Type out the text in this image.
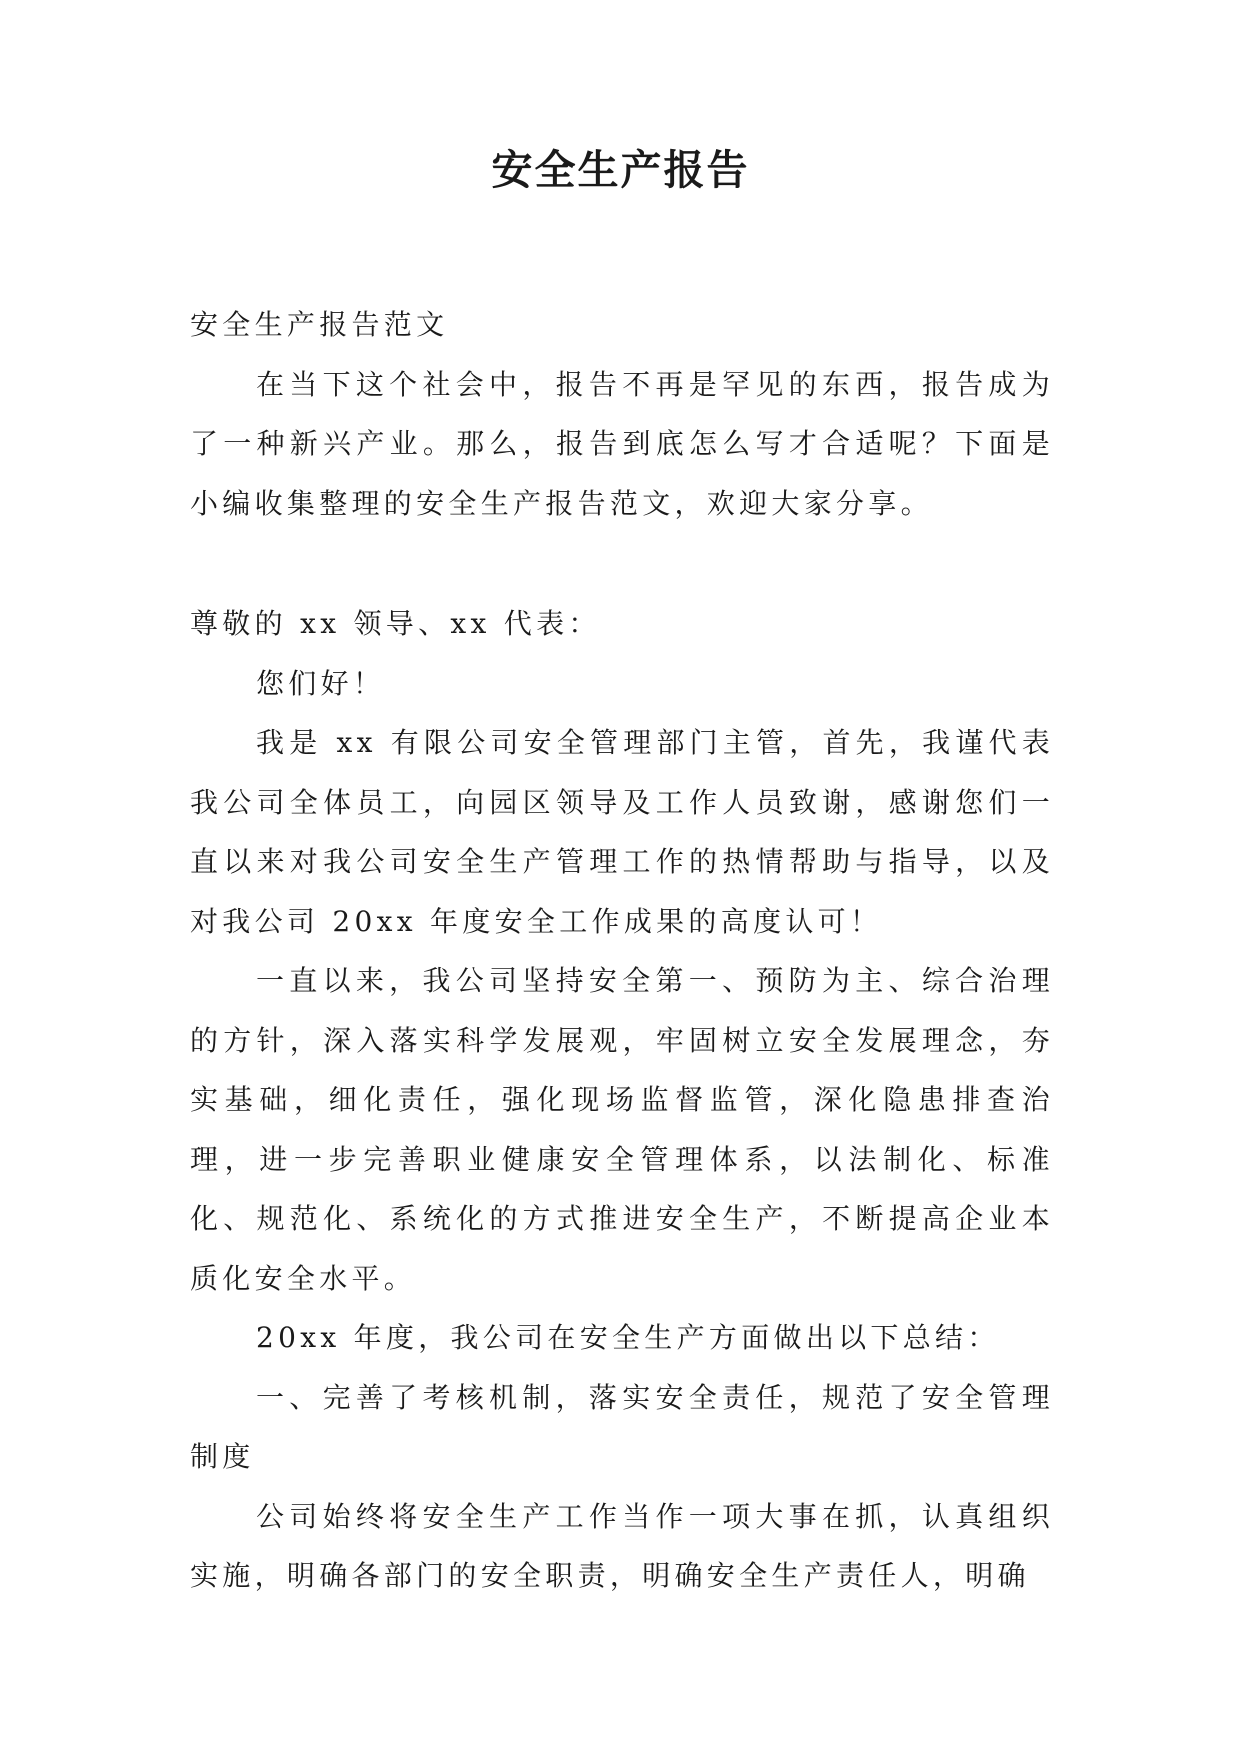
安全生产报告

安全生产报告范文

在当下这个社会中，报告不再是罕见的东西，报告成为了一种新兴产业。那么，报告到底怎么写才合适呢？下面是小编收集整理的安全生产报告范文，欢迎大家分享。

尊敬的 xx 领导、xx 代表：

您们好！

我是 xx 有限公司安全管理部门主管，首先，我谨代表我公司全体员工，向园区领导及工作人员致谢，感谢您们一直以来对我公司安全生产管理工作的热情帮助与指导，以及对我公司 20xx 年度安全工作成果的高度认可！

一直以来，我公司坚持安全第一、预防为主、综合治理的方针，深入落实科学发展观，牢固树立安全发展理念，夯实基础，细化责任，强化现场监督监管，深化隐患排查治理，进一步完善职业健康安全管理体系，以法制化、标准化、规范化、系统化的方式推进安全生产，不断提高企业本质化安全水平。

20xx 年度，我公司在安全生产方面做出以下总结：

一、完善了考核机制，落实安全责任，规范了安全管理制度

公司始终将安全生产工作当作一项大事在抓，认真组织实施，明确各部门的安全职责，明确安全生产责任人，明确
